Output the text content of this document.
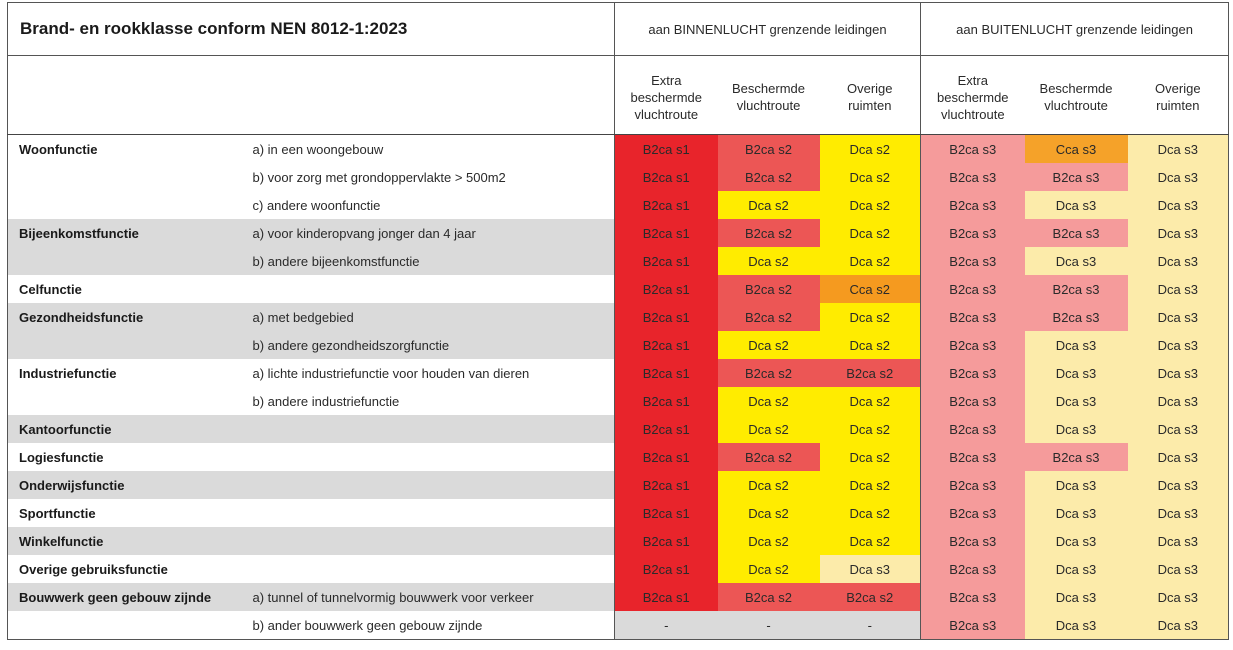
Brand- en rookklasse conform NEN 8012-1:2023		aan BINNENLUCHT grenzende leidingen			aan BUITENLUCHT grenzende leidingen		
		Extra
beschermde
vluchtroute	Beschermde
vluchtroute	Overige
ruimten	Extra
beschermde
vluchtroute	Beschermde
vluchtroute	Overige
ruimten
Woonfunctie	a) in een woongebouw	B2ca s1	B2ca s2	Dca s2	B2ca s3	Cca s3	Dca s3
	b) voor zorg met grondoppervlakte > 500m2	B2ca s1	B2ca s2	Dca s2	B2ca s3	B2ca s3	Dca s3
	c) andere woonfunctie	B2ca s1	Dca s2	Dca s2	B2ca s3	Dca s3	Dca s3
Bijeenkomstfunctie	a) voor kinderopvang jonger dan 4 jaar	B2ca s1	B2ca s2	Dca s2	B2ca s3	B2ca s3	Dca s3
	b) andere bijeenkomstfunctie	B2ca s1	Dca s2	Dca s2	B2ca s3	Dca s3	Dca s3
Celfunctie		B2ca s1	B2ca s2	Cca s2	B2ca s3	B2ca s3	Dca s3
Gezondheidsfunctie	a) met bedgebied	B2ca s1	B2ca s2	Dca s2	B2ca s3	B2ca s3	Dca s3
	b) andere gezondheidszorgfunctie	B2ca s1	Dca s2	Dca s2	B2ca s3	Dca s3	Dca s3
Industriefunctie	a) lichte industriefunctie voor houden van dieren	B2ca s1	B2ca s2	B2ca s2	B2ca s3	Dca s3	Dca s3
	b) andere industriefunctie	B2ca s1	Dca s2	Dca s2	B2ca s3	Dca s3	Dca s3
Kantoorfunctie		B2ca s1	Dca s2	Dca s2	B2ca s3	Dca s3	Dca s3
Logiesfunctie		B2ca s1	B2ca s2	Dca s2	B2ca s3	B2ca s3	Dca s3
Onderwijsfunctie		B2ca s1	Dca s2	Dca s2	B2ca s3	Dca s3	Dca s3
Sportfunctie		B2ca s1	Dca s2	Dca s2	B2ca s3	Dca s3	Dca s3
Winkelfunctie		B2ca s1	Dca s2	Dca s2	B2ca s3	Dca s3	Dca s3
Overige gebruiksfunctie		B2ca s1	Dca s2	Dca s3	B2ca s3	Dca s3	Dca s3
Bouwwerk geen gebouw zijnde	a) tunnel of tunnelvormig bouwwerk voor verkeer	B2ca s1	B2ca s2	B2ca s2	B2ca s3	Dca s3	Dca s3
	b) ander bouwwerk geen gebouw zijnde	-	-	-	B2ca s3	Dca s3	Dca s3
